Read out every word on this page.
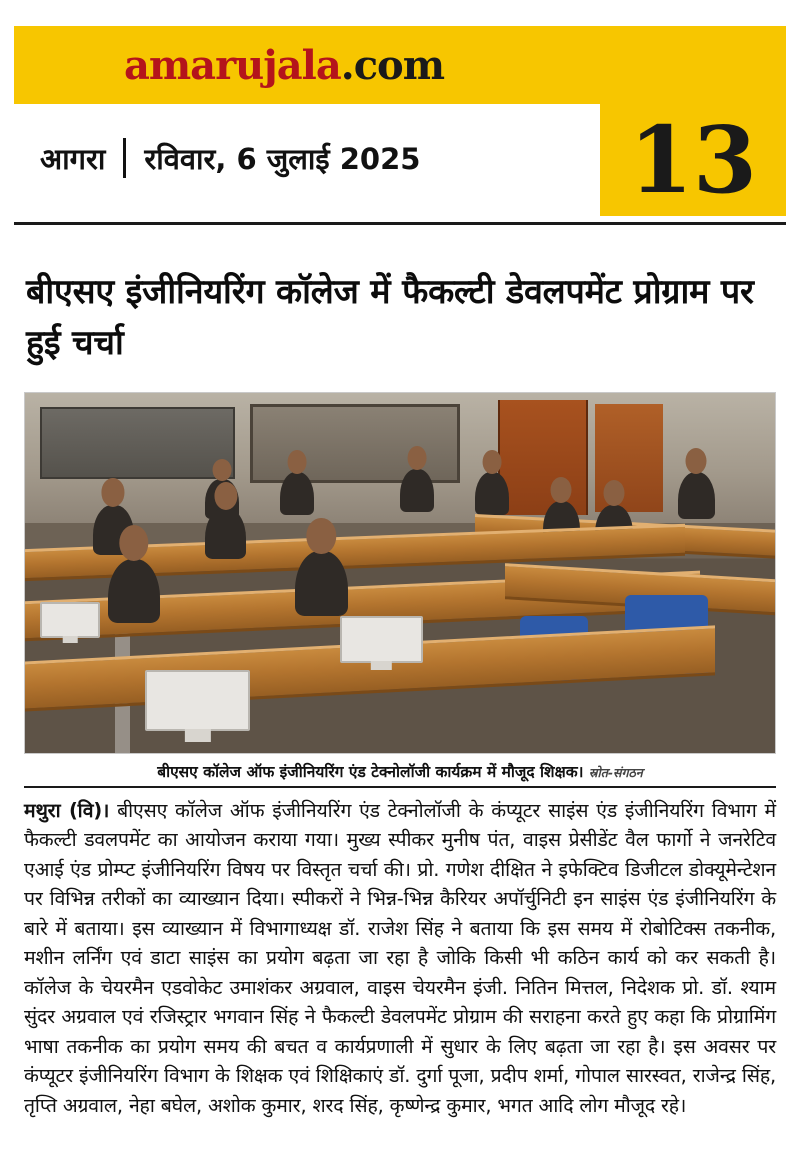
amarujala .com
13
आगरा रविवार, 6 जुलाई 2025
बीएसए इंजीनियरिंग कॉलेज में फैकल्टी डेवलपमेंट प्रोग्राम पर हुई चर्चा
बीएसए कॉलेज ऑफ इंजीनियरिंग एंड टेक्नोलॉजी कार्यक्रम में मौजूद शिक्षक। स्रोत-संगठन
मथुरा (वि)। बीएसए कॉलेज ऑफ इंजीनियरिंग एंड टेक्नोलॉजी के कंप्यूटर साइंस एंड इंजीनियरिंग विभाग में फैकल्टी डवलपमेंट का आयोजन कराया गया। मुख्य स्पीकर मुनीष पंत, वाइस प्रेसीडेंट वैल फार्गो ने जनरेटिव एआई एंड प्रोम्प्ट इंजीनियरिंग विषय पर विस्तृत चर्चा की। प्रो. गणेश दीक्षित ने इफेक्टिव डिजीटल डोक्यूमेन्टेशन पर विभिन्न तरीकों का व्याख्यान दिया। स्पीकरों ने भिन्न-भिन्न कैरियर अपॉर्चुनिटी इन साइंस एंड इंजीनियरिंग के बारे में बताया। इस व्याख्यान में विभागाध्यक्ष डॉ. राजेश सिंह ने बताया कि इस समय में रोबोटिक्स तकनीक, मशीन लर्निंग एवं डाटा साइंस का प्रयोग बढ़ता जा रहा है जोकि किसी भी कठिन कार्य को कर सकती है। कॉलेज के चेयरमैन एडवोकेट उमाशंकर अग्रवाल, वाइस चेयरमैन इंजी. नितिन मित्तल, निदेशक प्रो. डॉ. श्याम सुंदर अग्रवाल एवं रजिस्ट्रार भगवान सिंह ने फैकल्टी डेवलपमेंट प्रोग्राम की सराहना करते हुए कहा कि प्रोग्रामिंग भाषा तकनीक का प्रयोग समय की बचत व कार्यप्रणाली में सुधार के लिए बढ़ता जा रहा है। इस अवसर पर कंप्यूटर इंजीनियरिंग विभाग के शिक्षक एवं शिक्षिकाएं डॉ. दुर्गा पूजा, प्रदीप शर्मा, गोपाल सारस्वत, राजेन्द्र सिंह, तृप्ति अग्रवाल, नेहा बघेल, अशोक कुमार, शरद सिंह, कृष्णेन्द्र कुमार, भगत आदि लोग मौजूद रहे।
